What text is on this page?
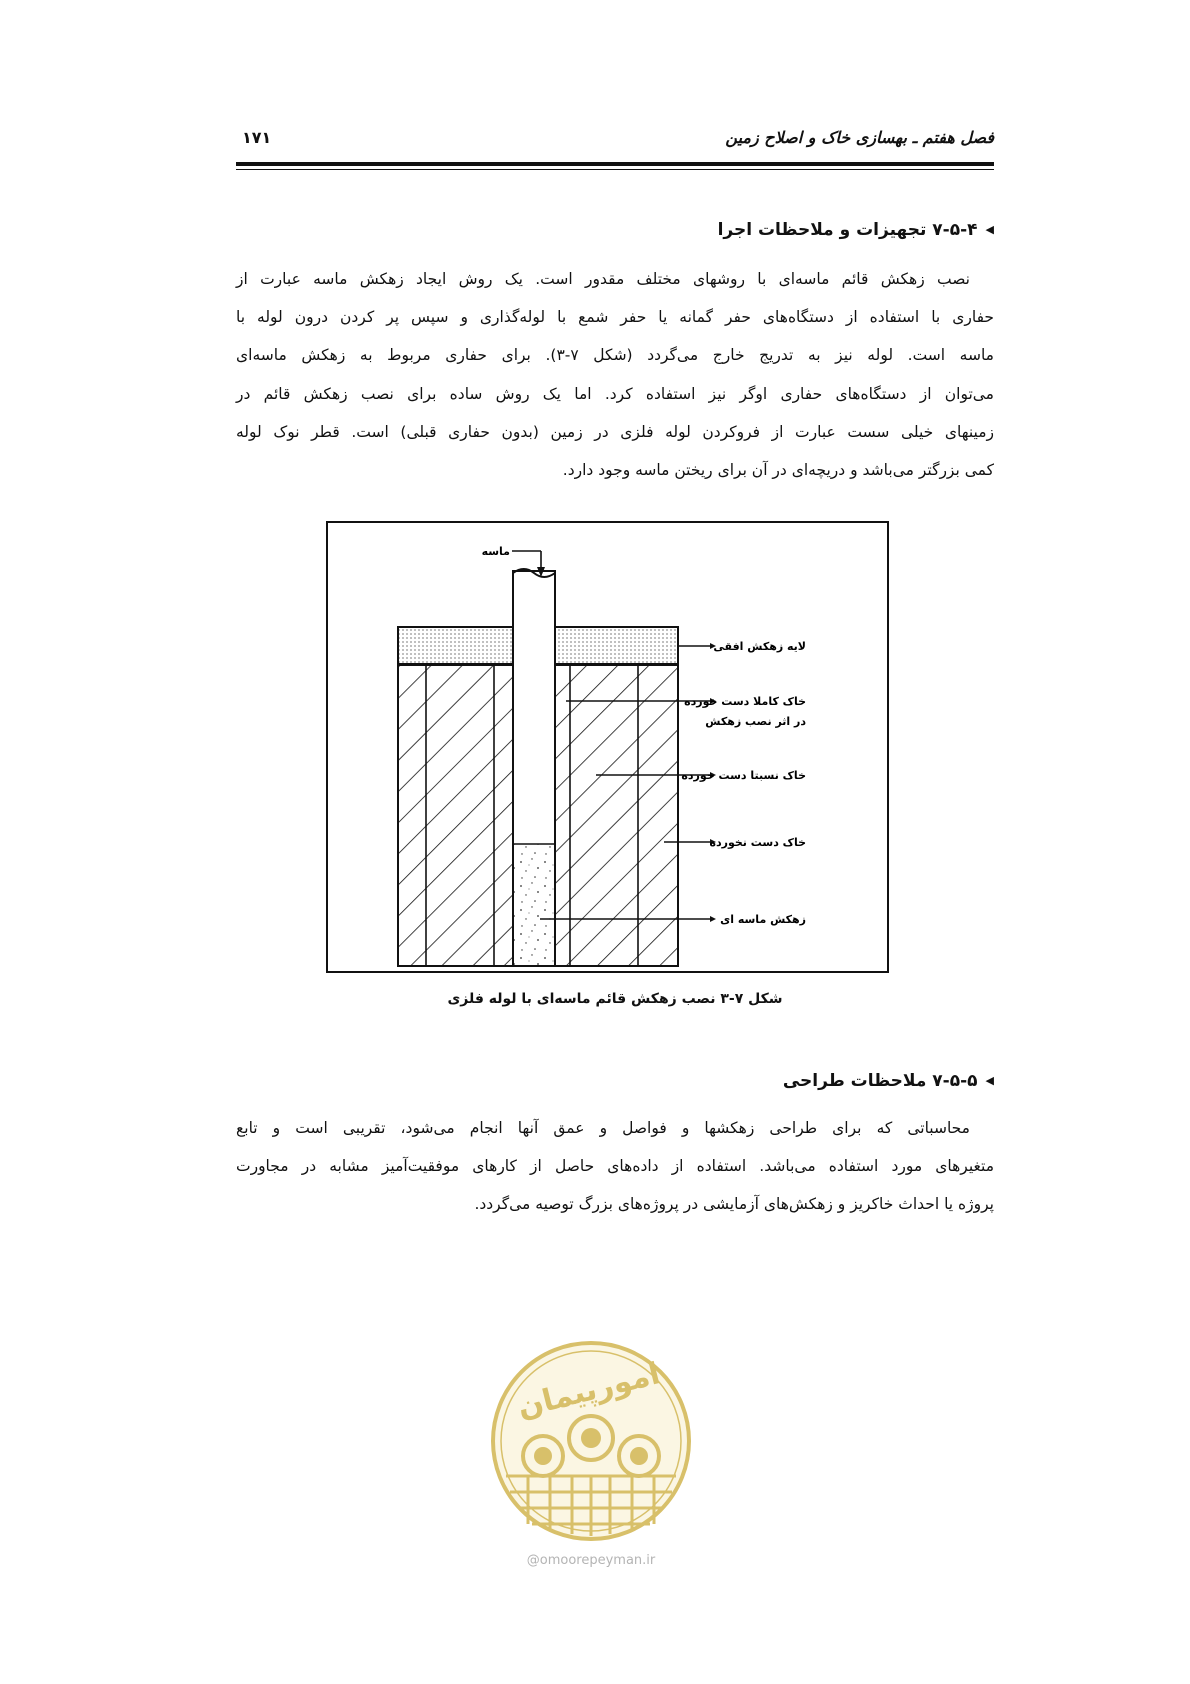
فصل هفتم ـ بهسازی خاک و اصلاح زمین
۱۷۱
◀۷-۵-۴ تجهیزات و ملاحظات اجرا
نصب زهکش قائم ماسه‌ای با روشهای مختلف مقدور است. یک روش ایجاد زهکش ماسه عبارت از
حفاری با استفاده از دستگاه‌های حفر گمانه یا حفر شمع با لوله‌گذاری و سپس پر کردن درون لوله با
ماسه است. لوله نیز به تدریج خارج می‌گردد (شکل ۷-۳). برای حفاری مربوط به زهکش ماسه‌ای
می‌توان از دستگاه‌های حفاری اوگر نیز استفاده کرد. اما یک روش ساده برای نصب زهکش قائم در
زمینهای خیلی سست عبارت از فروکردن لوله فلزی در زمین (بدون حفاری قبلی) است. قطر نوک لوله
کمی بزرگتر می‌باشد و دریچه‌ای در آن برای ریختن ماسه وجود دارد.
ماسه
لایه زهکش افقی
خاک کاملا دست خورده
در اثر نصب زهکش
خاک نسبتا دست خورده
خاک دست نخورده
زهکش ماسه ای
شکل ۷-۳ نصب زهکش قائم ماسه‌ای با لوله فلزی
◀۷-۵-۵ ملاحظات طراحی
محاسباتی که برای طراحی زهکشها و فواصل و عمق آنها انجام می‌شود، تقریبی است و تابع
متغیرهای مورد استفاده می‌باشد. استفاده از داده‌های حاصل از کارهای موفقیت‌آمیز مشابه در مجاورت
پروژه یا احداث خاکریز و زهکش‌های آزمایشی در پروژه‌های بزرگ توصیه می‌گردد.
امورپیمان
@omoorepeyman.ir
